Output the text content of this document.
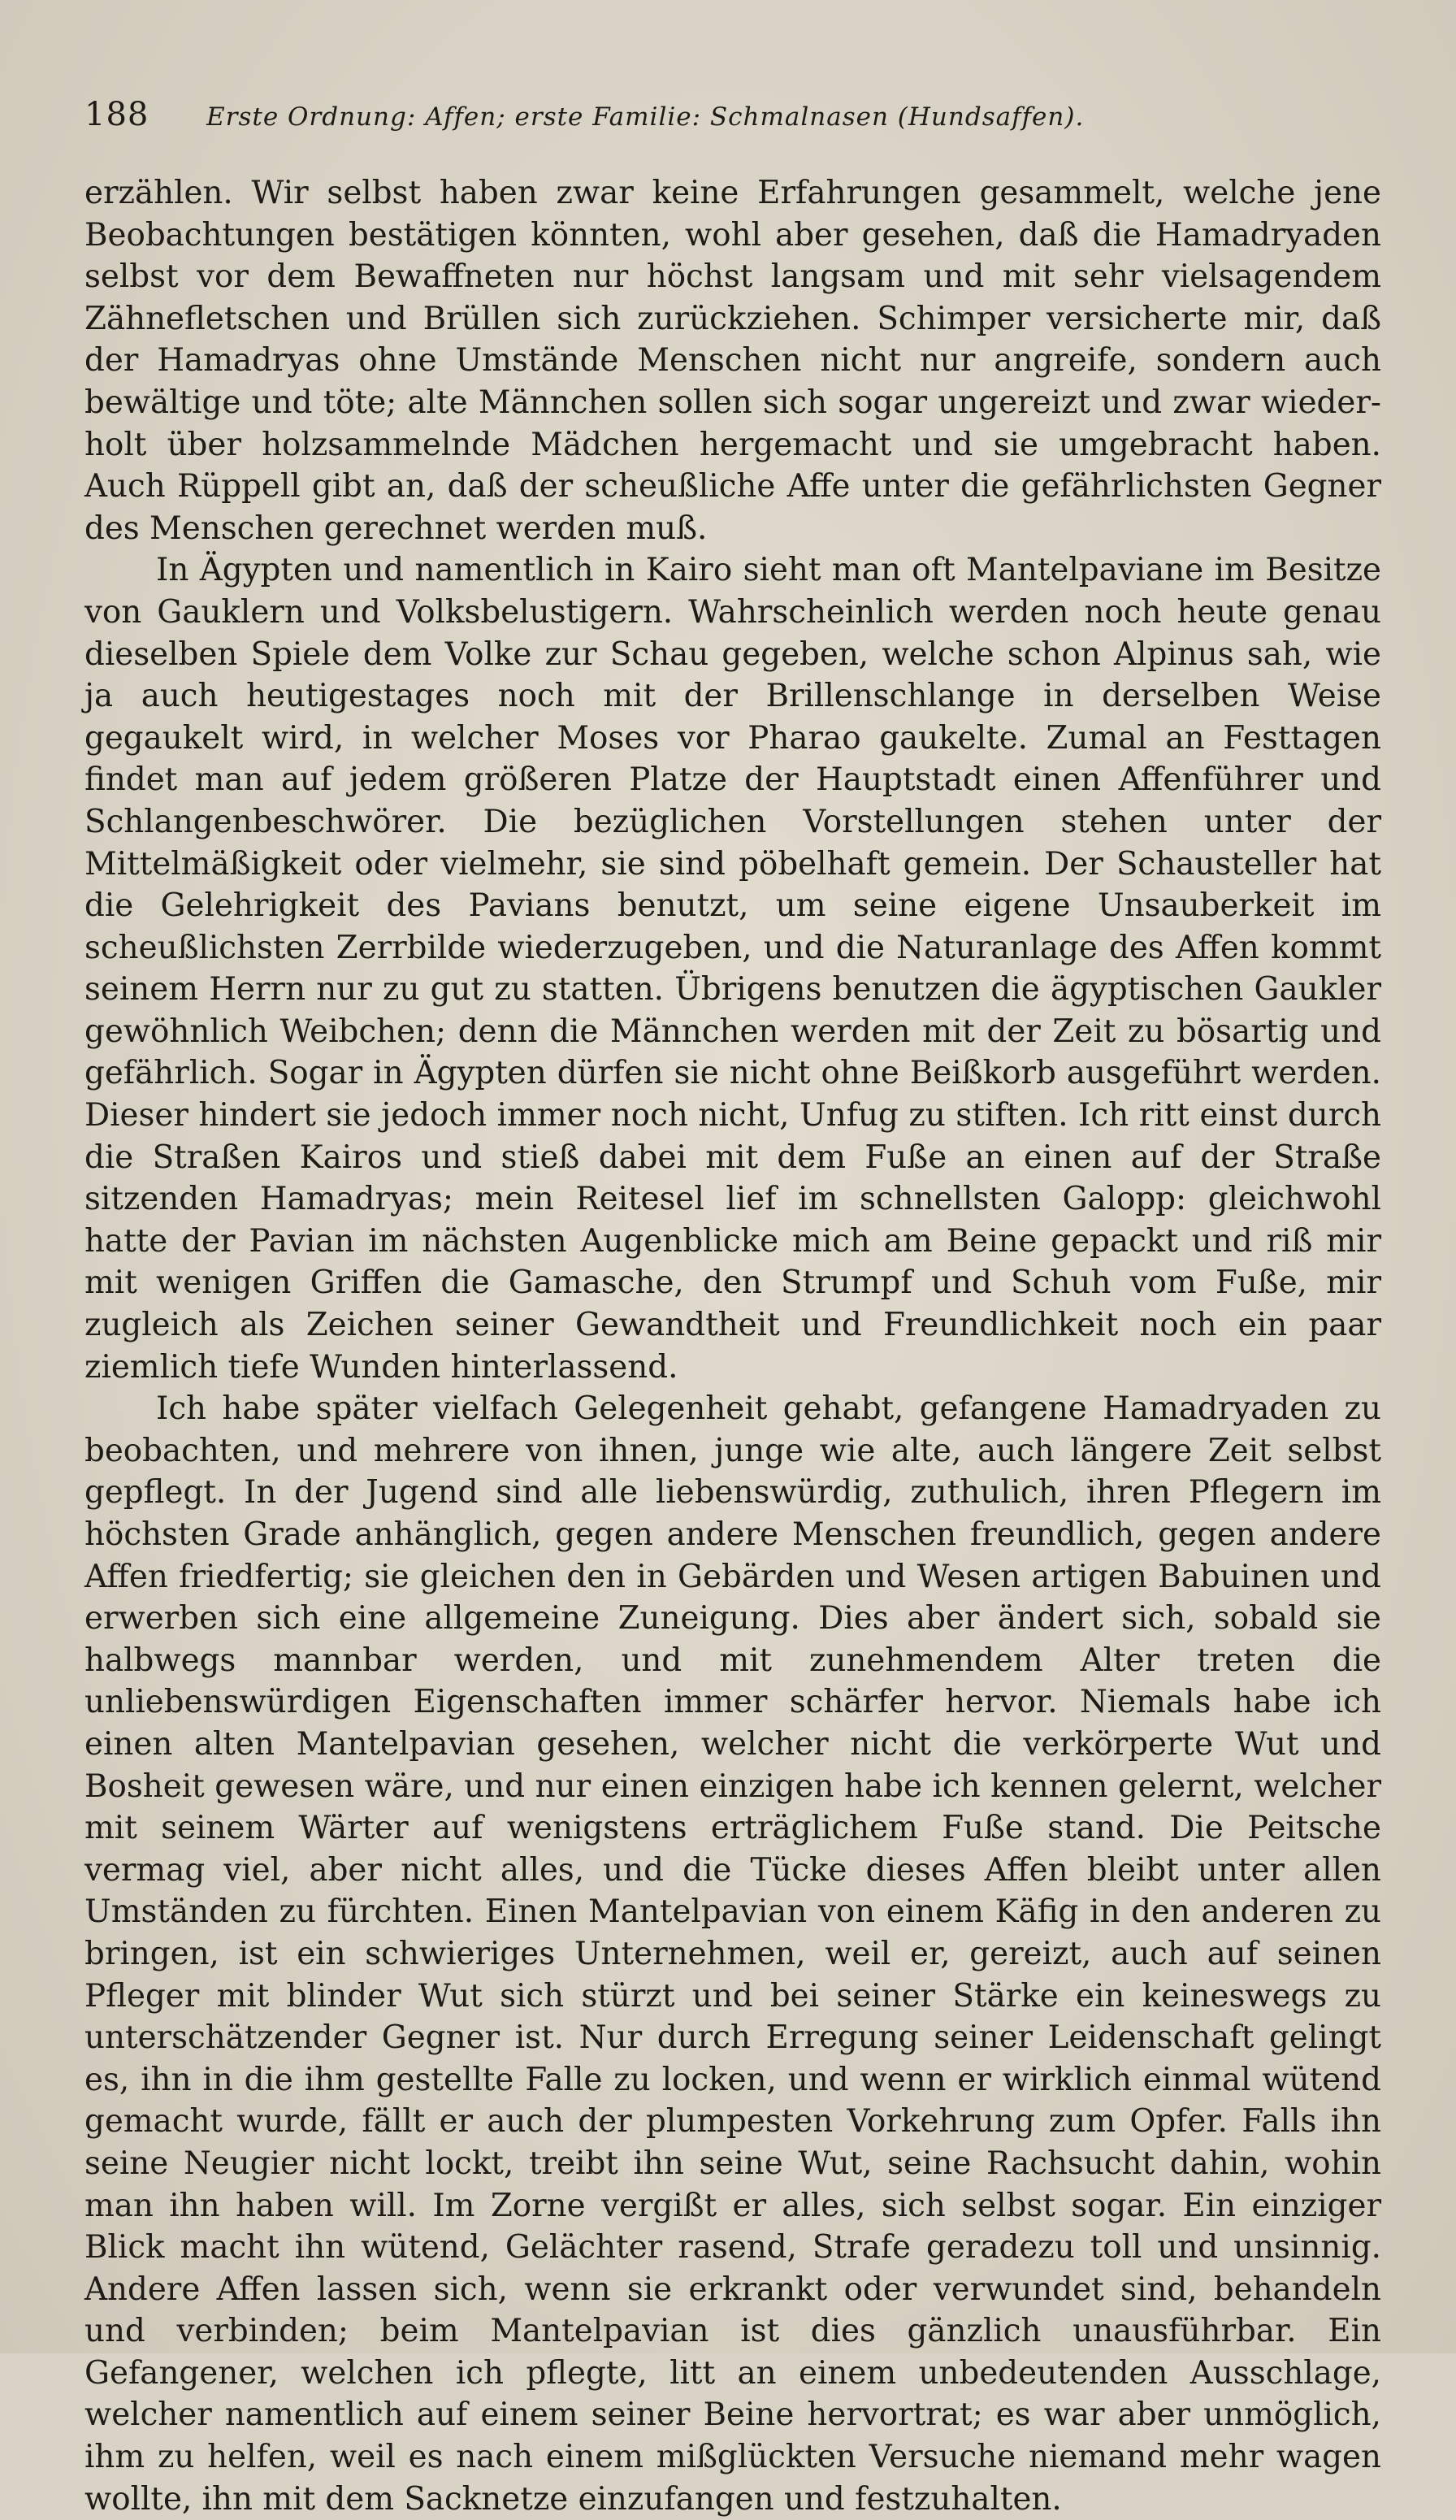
188	Erste Ordnung: Affen; erste Familie: Schmalnasen (Hundsaffen).

erzählen. Wir selbst haben zwar keine Erfahrungen gesammelt, welche jene Beobachtungen bestätigen könnten, wohl aber gesehen, daß die Hamadryaden selbst vor dem Bewaffneten nur höchst langsam und mit sehr vielsagendem Zähnefletschen und Brüllen sich zurückziehen. Schimper versicherte mir, daß der Hamadryas ohne Umstände Menschen nicht nur angreife, sondern auch bewältige und töte; alte Männchen sollen sich sogar ungereizt und zwar wiederholt über holzsammelnde Mädchen hergemacht und sie umgebracht haben. Auch Rüppell gibt an, daß der scheußliche Affe unter die gefährlichsten Gegner des Menschen gerechnet werden muß.

In Ägypten und namentlich in Kairo sieht man oft Mantelpaviane im Besitze von Gauklern und Volksbelustigern. Wahrscheinlich werden noch heute genau dieselben Spiele dem Volke zur Schau gegeben, welche schon Alpinus sah, wie ja auch heutigestages noch mit der Brillenschlange in derselben Weise gegaukelt wird, in welcher Moses vor Pharao gaukelte. Zumal an Festtagen findet man auf jedem größeren Platze der Hauptstadt einen Affenführer und Schlangenbeschwörer. Die bezüglichen Vorstellungen stehen unter der Mittelmäßigkeit oder vielmehr, sie sind pöbelhaft gemein. Der Schausteller hat die Gelehrigkeit des Pavians benutzt, um seine eigene Unsauberkeit im scheußlichsten Zerrbilde wiederzugeben, und die Naturanlage des Affen kommt seinem Herrn nur zu gut zu statten. Übrigens benutzen die ägyptischen Gaukler gewöhnlich Weibchen; denn die Männchen werden mit der Zeit zu bösartig und gefährlich. Sogar in Ägypten dürfen sie nicht ohne Beißkorb ausgeführt werden. Dieser hindert sie jedoch immer noch nicht, Unfug zu stiften. Ich ritt einst durch die Straßen Kairos und stieß dabei mit dem Fuße an einen auf der Straße sitzenden Hamadryas; mein Reitesel lief im schnellsten Galopp: gleichwohl hatte der Pavian im nächsten Augenblicke mich am Beine gepackt und riß mir mit wenigen Griffen die Gamasche, den Strumpf und Schuh vom Fuße, mir zugleich als Zeichen seiner Gewandtheit und Freundlichkeit noch ein paar ziemlich tiefe Wunden hinterlassend.

Ich habe später vielfach Gelegenheit gehabt, gefangene Hamadryaden zu beobachten, und mehrere von ihnen, junge wie alte, auch längere Zeit selbst gepflegt. In der Jugend sind alle liebenswürdig, zuthulich, ihren Pflegern im höchsten Grade anhänglich, gegen andere Menschen freundlich, gegen andere Affen friedfertig; sie gleichen den in Gebärden und Wesen artigen Babuinen und erwerben sich eine allgemeine Zuneigung. Dies aber ändert sich, sobald sie halbwegs mannbar werden, und mit zunehmendem Alter treten die unliebenswürdigen Eigenschaften immer schärfer hervor. Niemals habe ich einen alten Mantelpavian gesehen, welcher nicht die verkörperte Wut und Bosheit gewesen wäre, und nur einen einzigen habe ich kennen gelernt, welcher mit seinem Wärter auf wenigstens erträglichem Fuße stand. Die Peitsche vermag viel, aber nicht alles, und die Tücke dieses Affen bleibt unter allen Umständen zu fürchten. Einen Mantelpavian von einem Käfig in den anderen zu bringen, ist ein schwieriges Unternehmen, weil er, gereizt, auch auf seinen Pfleger mit blinder Wut sich stürzt und bei seiner Stärke ein keineswegs zu unterschätzender Gegner ist. Nur durch Erregung seiner Leidenschaft gelingt es, ihn in die ihm gestellte Falle zu locken, und wenn er wirklich einmal wütend gemacht wurde, fällt er auch der plumpesten Vorkehrung zum Opfer. Falls ihn seine Neugier nicht lockt, treibt ihn seine Wut, seine Rachsucht dahin, wohin man ihn haben will. Im Zorne vergißt er alles, sich selbst sogar. Ein einziger Blick macht ihn wütend, Gelächter rasend, Strafe geradezu toll und unsinnig. Andere Affen lassen sich, wenn sie erkrankt oder verwundet sind, behandeln und verbinden; beim Mantelpavian ist dies gänzlich unausführbar. Ein Gefangener, welchen ich pflegte, litt an einem unbedeutenden Ausschlage, welcher namentlich auf einem seiner Beine hervortrat; es war aber unmöglich, ihm zu helfen, weil es nach einem mißglückten Versuche niemand mehr wagen wollte, ihn mit dem Sacknetze einzufangen und festzuhalten.
